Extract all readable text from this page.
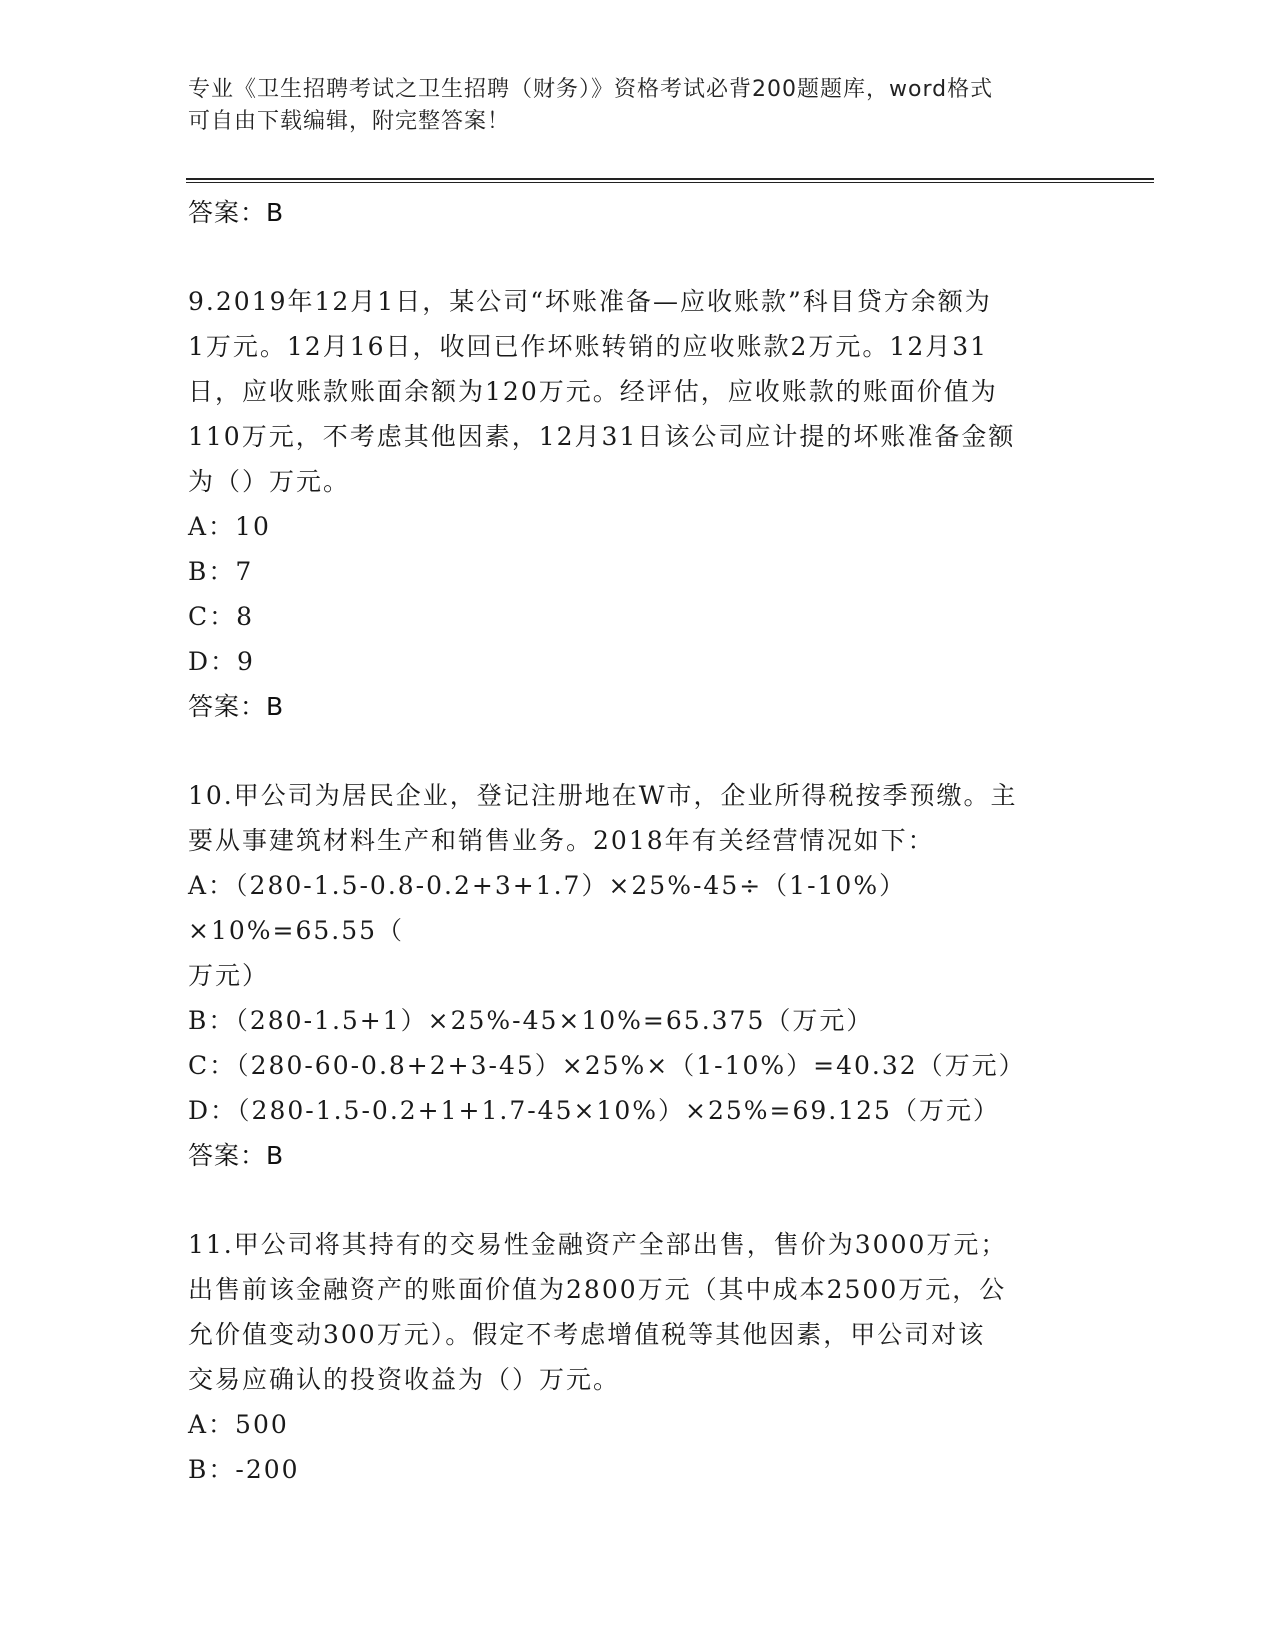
专业《卫生招聘考试之卫生招聘（财务）》资格考试必背200题题库，word格式
可自由下载编辑，附完整答案！
答案：B
9.2019年12月1日，某公司“坏账准备—应收账款”科目贷方余额为
1万元。12月16日，收回已作坏账转销的应收账款2万元。12月31
日，应收账款账面余额为120万元。经评估，应收账款的账面价值为
110万元，不考虑其他因素，12月31日该公司应计提的坏账准备金额
为（）万元。
A：10
B：7
C：8
D：9
答案：B
10.甲公司为居民企业，登记注册地在W市，企业所得税按季预缴。主
要从事建筑材料生产和销售业务。2018年有关经营情况如下：
A：（280-1.5-0.8-0.2+3+1.7）×25%-45÷（1-10%）×10%=65.55（
万元）
B：（280-1.5+1）×25%-45×10%=65.375（万元）
C：（280-60-0.8+2+3-45）×25%×（1-10%）=40.32（万元）
D：（280-1.5-0.2+1+1.7-45×10%）×25%=69.125（万元）
答案：B
11.甲公司将其持有的交易性金融资产全部出售，售价为3000万元；
出售前该金融资产的账面价值为2800万元（其中成本2500万元，公
允价值变动300万元）。假定不考虑增值税等其他因素，甲公司对该
交易应确认的投资收益为（）万元。
A：500
B：-200
